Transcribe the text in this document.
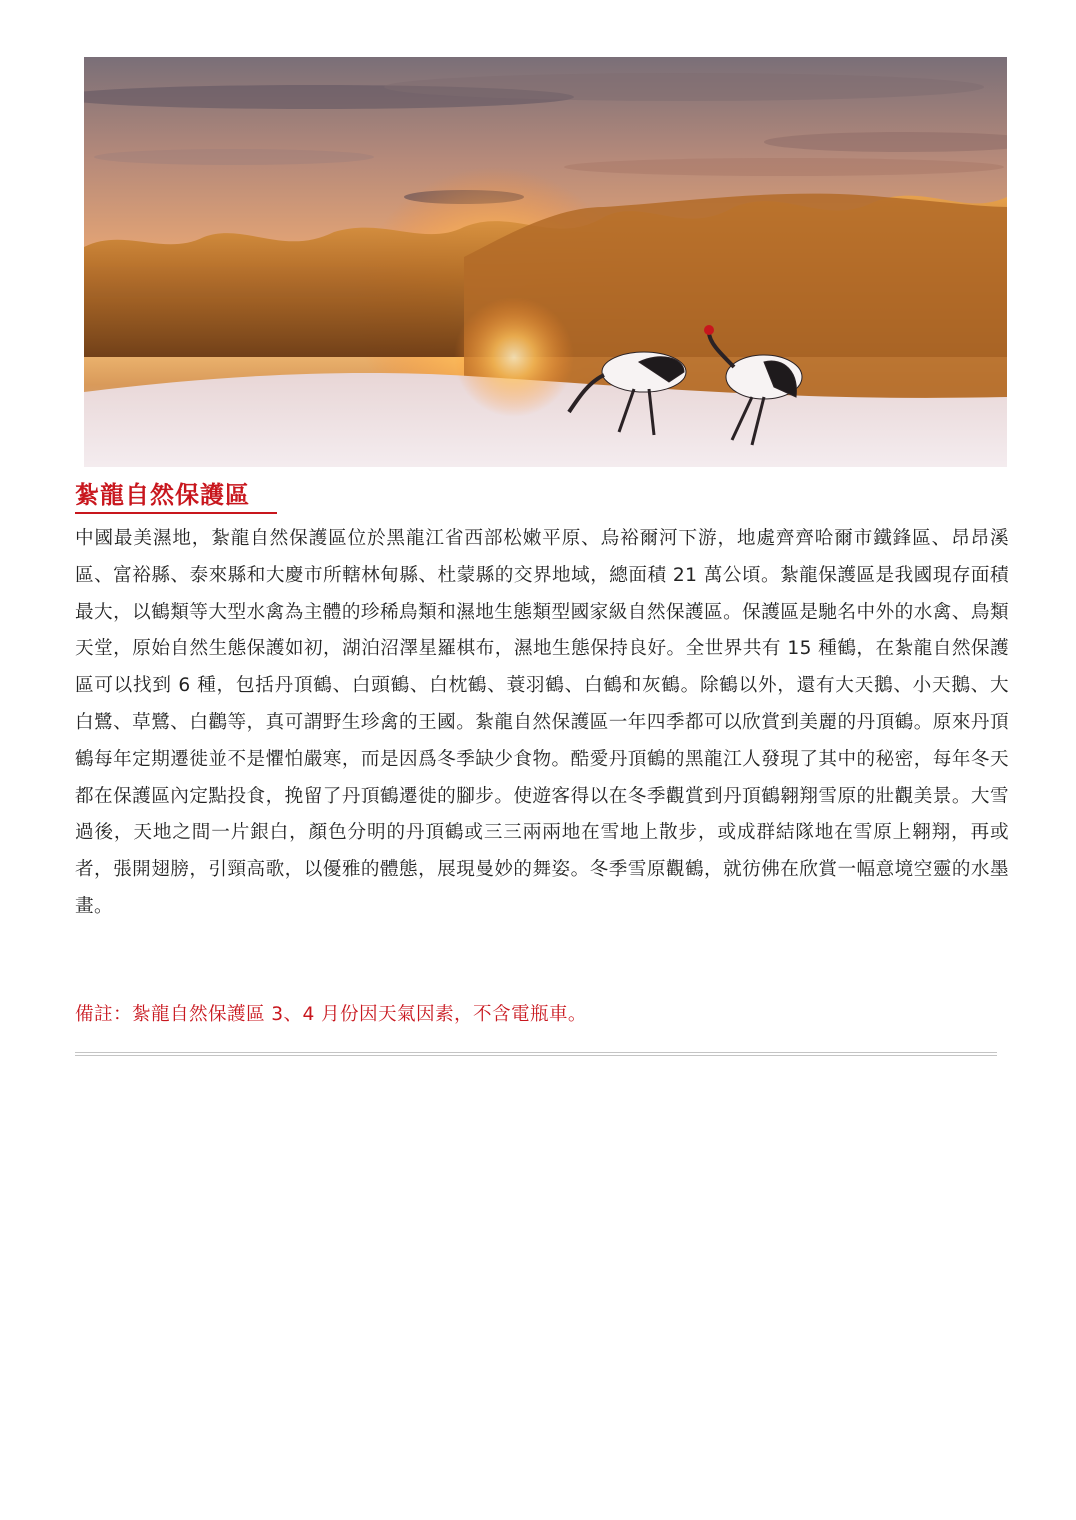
紮龍自然保護區

中國最美濕地，紮龍自然保護區位於黑龍江省西部松嫩平原、烏裕爾河下游，地處齊齊哈爾市鐵鋒區、昂昂溪區、富裕縣、泰來縣和大慶市所轄林甸縣、杜蒙縣的交界地域，總面積 21 萬公頃。紮龍保護區是我國現存面積最大，以鶴類等大型水禽為主體的珍稀鳥類和濕地生態類型國家級自然保護區。保護區是馳名中外的水禽、鳥類天堂，原始自然生態保護如初，湖泊沼澤星羅棋布，濕地生態保持良好。全世界共有 15 種鶴，在紮龍自然保護區可以找到 6 種，包括丹頂鶴、白頭鶴、白枕鶴、蓑羽鶴、白鶴和灰鶴。除鶴以外，還有大天鵝、小天鵝、大白鷺、草鷺、白鸛等，真可謂野生珍禽的王國。紮龍自然保護區一年四季都可以欣賞到美麗的丹頂鶴。原來丹頂鶴每年定期遷徙並不是懼怕嚴寒，而是因爲冬季缺少食物。酷愛丹頂鶴的黑龍江人發現了其中的秘密，每年冬天都在保護區內定點投食，挽留了丹頂鶴遷徙的腳步。使遊客得以在冬季觀賞到丹頂鶴翱翔雪原的壯觀美景。大雪過後，天地之間一片銀白，顏色分明的丹頂鶴或三三兩兩地在雪地上散步，或成群結隊地在雪原上翱翔，再或者，張開翅膀，引頸高歌，以優雅的體態，展現曼妙的舞姿。冬季雪原觀鶴，就彷佛在欣賞一幅意境空靈的水墨畫。

備註：紮龍自然保護區 3、4 月份因天氣因素，不含電瓶車。
